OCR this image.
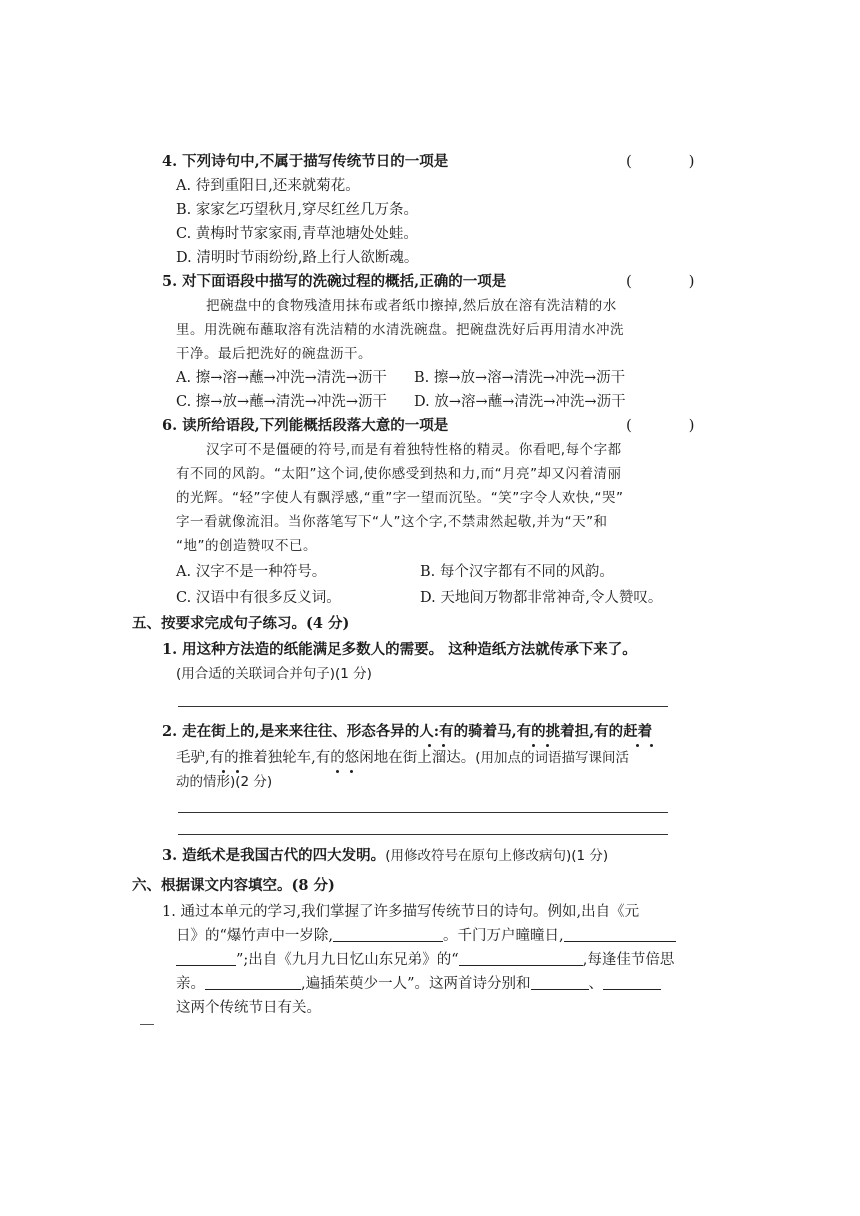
4. 下列诗句中,不属于描写传统节日的一项是	( )
A. 待到重阳日,还来就菊花。
B. 家家乞巧望秋月,穿尽红丝几万条。
C. 黄梅时节家家雨,青草池塘处处蛙。
D. 清明时节雨纷纷,路上行人欲断魂。
5. 对下面语段中描写的洗碗过程的概括,正确的一项是	( )
把碗盘中的食物残渣用抹布或者纸巾擦掉,然后放在溶有洗洁精的水
里。用洗碗布蘸取溶有洗洁精的水清洗碗盘。把碗盘洗好后再用清水冲洗
干净。最后把洗好的碗盘沥干。
A. 擦→溶→蘸→冲洗→清洗→沥干 B. 擦→放→溶→清洗→冲洗→沥干
C. 擦→放→蘸→清洗→冲洗→沥干 D. 放→溶→蘸→清洗→冲洗→沥干
6. 读所给语段,下列能概括段落大意的一项是	( )
汉字可不是僵硬的符号,而是有着独特性格的精灵。你看吧,每个字都
有不同的风韵。“太阳”这个词,使你感受到热和力,而“月亮”却又闪着清丽
的光辉。“轻”字使人有飘浮感,“重”字一望而沉坠。“笑”字令人欢快,“哭”
字一看就像流泪。当你落笔写下“人”这个字,不禁肃然起敬,并为“天”和
“地”的创造赞叹不已。
A. 汉字不是一种符号。	B. 每个汉字都有不同的风韵。
C. 汉语中有很多反义词。	D. 天地间万物都非常神奇,令人赞叹。
五、按要求完成句子练习。(4 分)
1. 用这种方法造的纸能满足多数人的需要。 这种造纸方法就传承下来了。
(用合适的关联词合并句子)(1 分)
2. 走在街上的,是来来往往、形态各异的人:有的骑着马,有的挑着担,有的赶着
毛驴,有的推着独轮车,有的悠闲地在街上溜达。(用加点的词语描写课间活
动的情形)(2 分)
3. 造纸术是我国古代的四大发明。(用修改符号在原句上修改病句)(1 分)
六、根据课文内容填空。(8 分)
1. 通过本单元的学习,我们掌握了许多描写传统节日的诗句。例如,出自《元
日》的“爆竹声中一岁除,	。千门万户曈曈日,
”;出自《九月九日忆山东兄弟》的“	,每逢佳节倍思
亲。	,遍插茱萸少一人”。这两首诗分别和	、
这两个传统节日有关。
